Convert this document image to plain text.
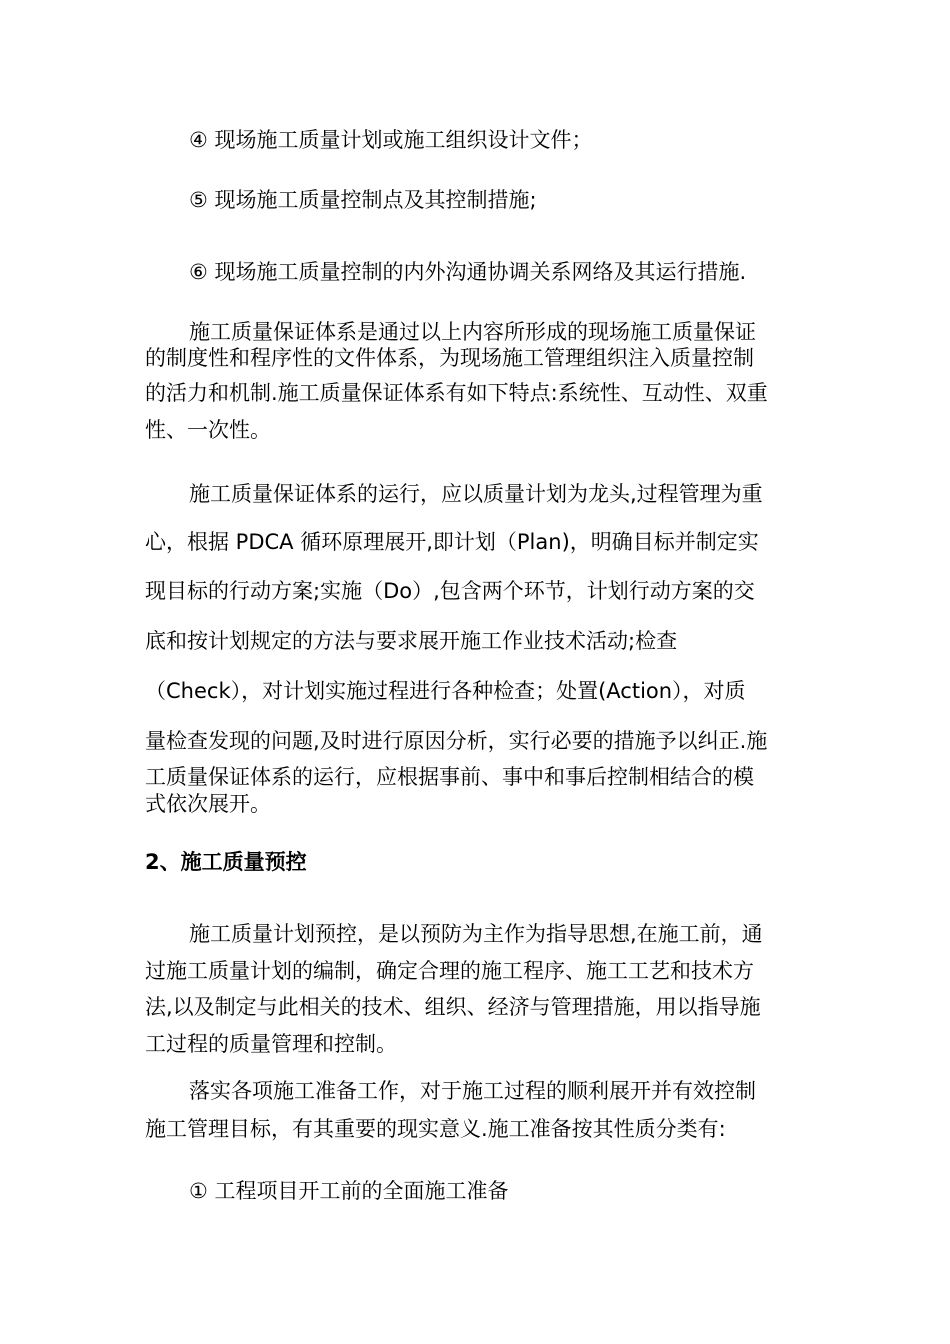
④ 现场施工质量计划或施工组织设计文件；

⑤ 现场施工质量控制点及其控制措施;

⑥ 现场施工质量控制的内外沟通协调关系网络及其运行措施.

施工质量保证体系是通过以上内容所形成的现场施工质量保证

的制度性和程序性的文件体系，为现场施工管理组织注入质量控制

的活力和机制.施工质量保证体系有如下特点:系统性、互动性、双重

性、一次性。

施工质量保证体系的运行，应以质量计划为龙头,过程管理为重

心，根据 PDCA 循环原理展开,即计划（Plan)，明确目标并制定实

现目标的行动方案;实施（Do）,包含两个环节，计划行动方案的交

底和按计划规定的方法与要求展开施工作业技术活动;检查

（Check），对计划实施过程进行各种检查；处置(Action），对质

量检查发现的问题,及时进行原因分析，实行必要的措施予以纠正.施

工质量保证体系的运行，应根据事前、事中和事后控制相结合的模

式依次展开。

2、施工质量预控

施工质量计划预控，是以预防为主作为指导思想,在施工前，通

过施工质量计划的编制，确定合理的施工程序、施工工艺和技术方

法,以及制定与此相关的技术、组织、经济与管理措施，用以指导施

工过程的质量管理和控制。

落实各项施工准备工作，对于施工过程的顺利展开并有效控制

施工管理目标，有其重要的现实意义.施工准备按其性质分类有:

① 工程项目开工前的全面施工准备
